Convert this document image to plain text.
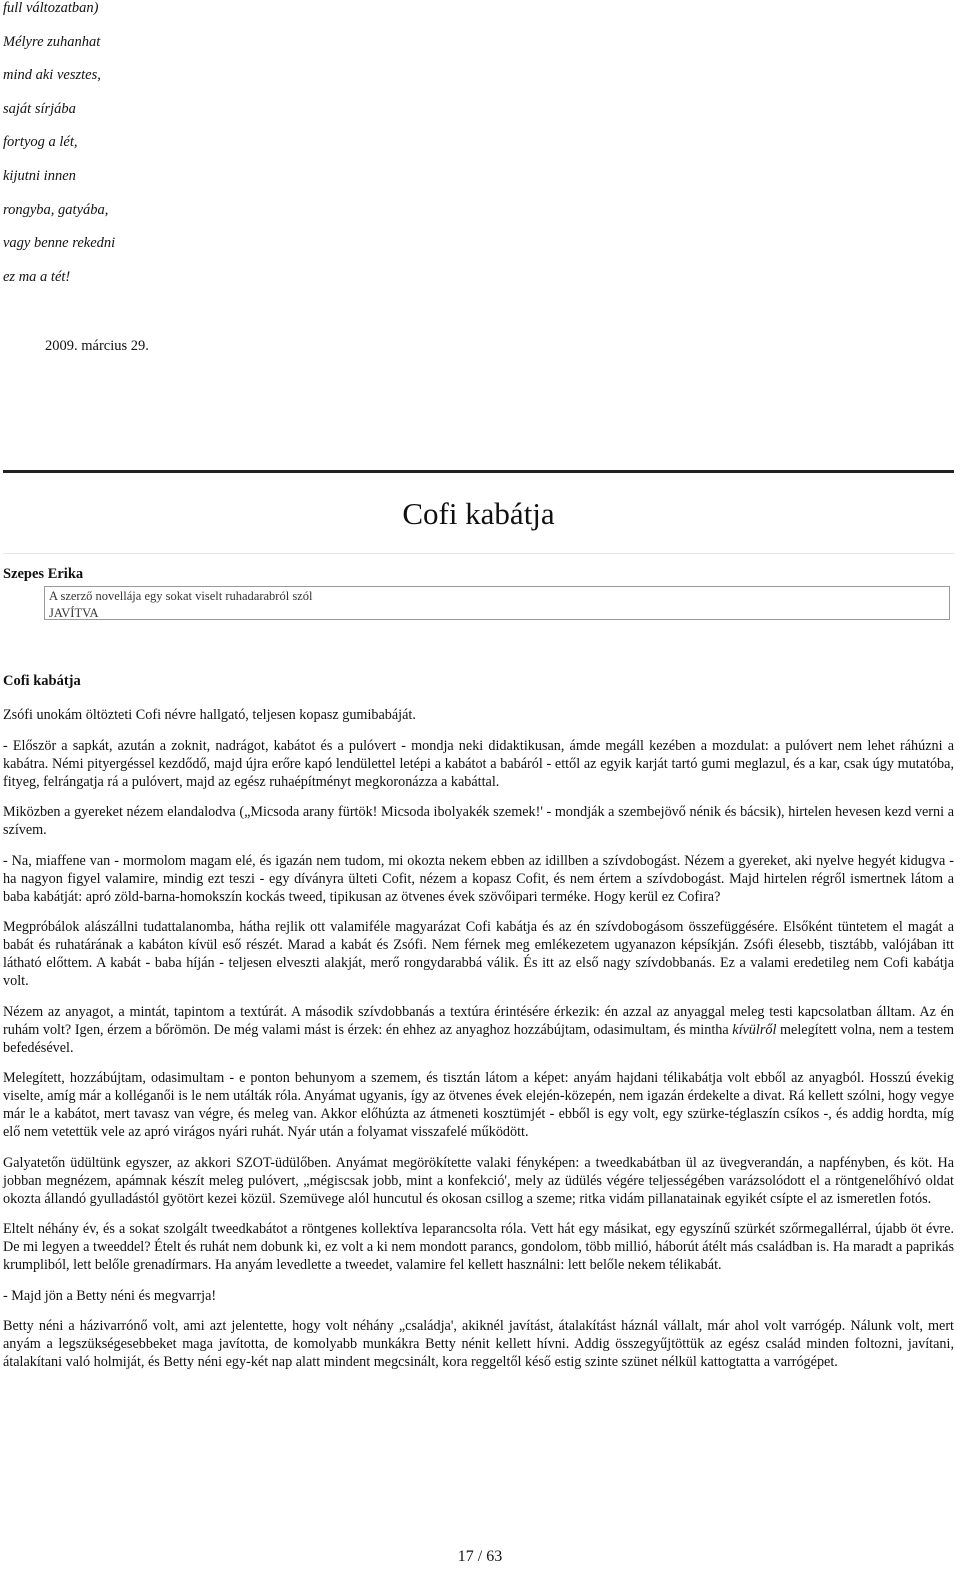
full változatban)
Mélyre zuhanhat
mind aki vesztes,
saját sírjába
fortyog a lét,
kijutni innen
rongyba, gatyába,
vagy benne rekedni
ez ma a tét!
2009. március 29.
Cofi kabátja
Szepes Erika
A szerző novellája egy sokat viselt ruhadarabról szól
JAVÍTVA
Cofi kabátja

Zsófi unokám öltözteti Cofi névre hallgató, teljesen kopasz gumibabáját.

- Először a sapkát, azután a zoknit, nadrágot, kabátot és a pulóvert - mondja neki didaktikusan, ámde megáll kezében a mozdulat: a pulóvert nem lehet ráhúzni a kabátra. Némi pityergéssel kezdődő, majd újra erőre kapó lendülettel letépi a kabátot a babáról - ettől az egyik karját tartó gumi meglazul, és a kar, csak úgy mutatóba, fityeg, felrángatja rá a pulóvert, majd az egész ruhaépítményt megkoronázza a kabáttal.

Miközben a gyereket nézem elandalodva („Micsoda arany fürtök! Micsoda ibolyakék szemek!' - mondják a szembejövő nénik és bácsik), hirtelen hevesen kezd verni a szívem.

- Na, miaffene van - mormolom magam elé, és igazán nem tudom, mi okozta nekem ebben az idillben a szívdobogást. Nézem a gyereket, aki nyelve hegyét kidugva - ha nagyon figyel valamire, mindig ezt teszi - egy díványra ülteti Cofit, nézem a kopasz Cofit, és nem értem a szívdobogást. Majd hirtelen régről ismertnek látom a baba kabátját: apró zöld-barna-homokszín kockás tweed, tipikusan az ötvenes évek szövőipari terméke. Hogy kerül ez Cofira?

Megpróbálok alászállni tudattalanomba, hátha rejlik ott valamiféle magyarázat Cofi kabátja és az én szívdobogásom összefüggésére. Elsőként tüntetem el magát a babát és ruhatárának a kabáton kívül eső részét. Marad a kabát és Zsófi. Nem férnek meg emlékezetem ugyanazon képsíkján. Zsófi élesebb, tisztább, valójában itt látható előttem. A kabát - baba híján - teljesen elveszti alakját, merő rongydarabbá válik. És itt az első nagy szívdobbanás. Ez a valami eredetileg nem Cofi kabátja volt.

Nézem az anyagot, a mintát, tapintom a textúrát. A második szívdobbanás a textúra érintésére érkezik: én azzal az anyaggal meleg testi kapcsolatban álltam. Az én ruhám volt? Igen, érzem a bőrömön. De még valami mást is érzek: én ehhez az anyaghoz hozzábújtam, odasimultam, és mintha kívülről melegített volna, nem a testem befedésével.

Melegített, hozzábújtam, odasimultam - e ponton behunyom a szemem, és tisztán látom a képet: anyám hajdani télikabátja volt ebből az anyagból. Hosszú évekig viselte, amíg már a kolléganői is le nem utálták róla. Anyámat ugyanis, így az ötvenes évek elején-közepén, nem igazán érdekelte a divat. Rá kellett szólni, hogy vegye már le a kabátot, mert tavasz van végre, és meleg van. Akkor előhúzta az átmeneti kosztümjét - ebből is egy volt, egy szürke-téglaszín csíkos -, és addig hordta, míg elő nem vetettük vele az apró virágos nyári ruhát. Nyár után a folyamat visszafelé működött.

Galyatetőn üdültünk egyszer, az akkori SZOT-üdülőben. Anyámat megörökítette valaki fényképen: a tweedkabátban ül az üvegverandán, a napfényben, és köt. Ha jobban megnézem, apámnak készít meleg pulóvert, „mégiscsak jobb, mint a konfekció', mely az üdülés végére teljességében varázsolódott el a röntgenelőhívó oldat okozta állandó gyulladástól gyötört kezei közül. Szemüvege alól huncutul és okosan csillog a szeme; ritka vidám pillanatainak egyikét csípte el az ismeretlen fotós.

Eltelt néhány év, és a sokat szolgált tweedkabátot a röntgenes kollektíva leparancsolta róla. Vett hát egy másikat, egy egyszínű szürkét szőrmegallérral, újabb öt évre. De mi legyen a tweeddel? Ételt és ruhát nem dobunk ki, ez volt a ki nem mondott parancs, gondolom, több millió, háborút átélt más családban is. Ha maradt a paprikás krumpliból, lett belőle grenadírmars. Ha anyám levedlette a tweedet, valamire fel kellett használni: lett belőle nekem télikabát.

- Majd jön a Betty néni és megvarrja!

Betty néni a házivarrónő volt, ami azt jelentette, hogy volt néhány „családja', akiknél javítást, átalakítást háznál vállalt, már ahol volt varrógép. Nálunk volt, mert anyám a legszükségesebbeket maga javította, de komolyabb munkákra Betty nénit kellett hívni. Addig összegyűjtöttük az egész család minden foltozni, javítani, átalakítani való holmiját, és Betty néni egy-két nap alatt mindent megcsinált, kora reggeltől késő estig szinte szünet nélkül kattogtatta a varrógépet.

17 / 63
